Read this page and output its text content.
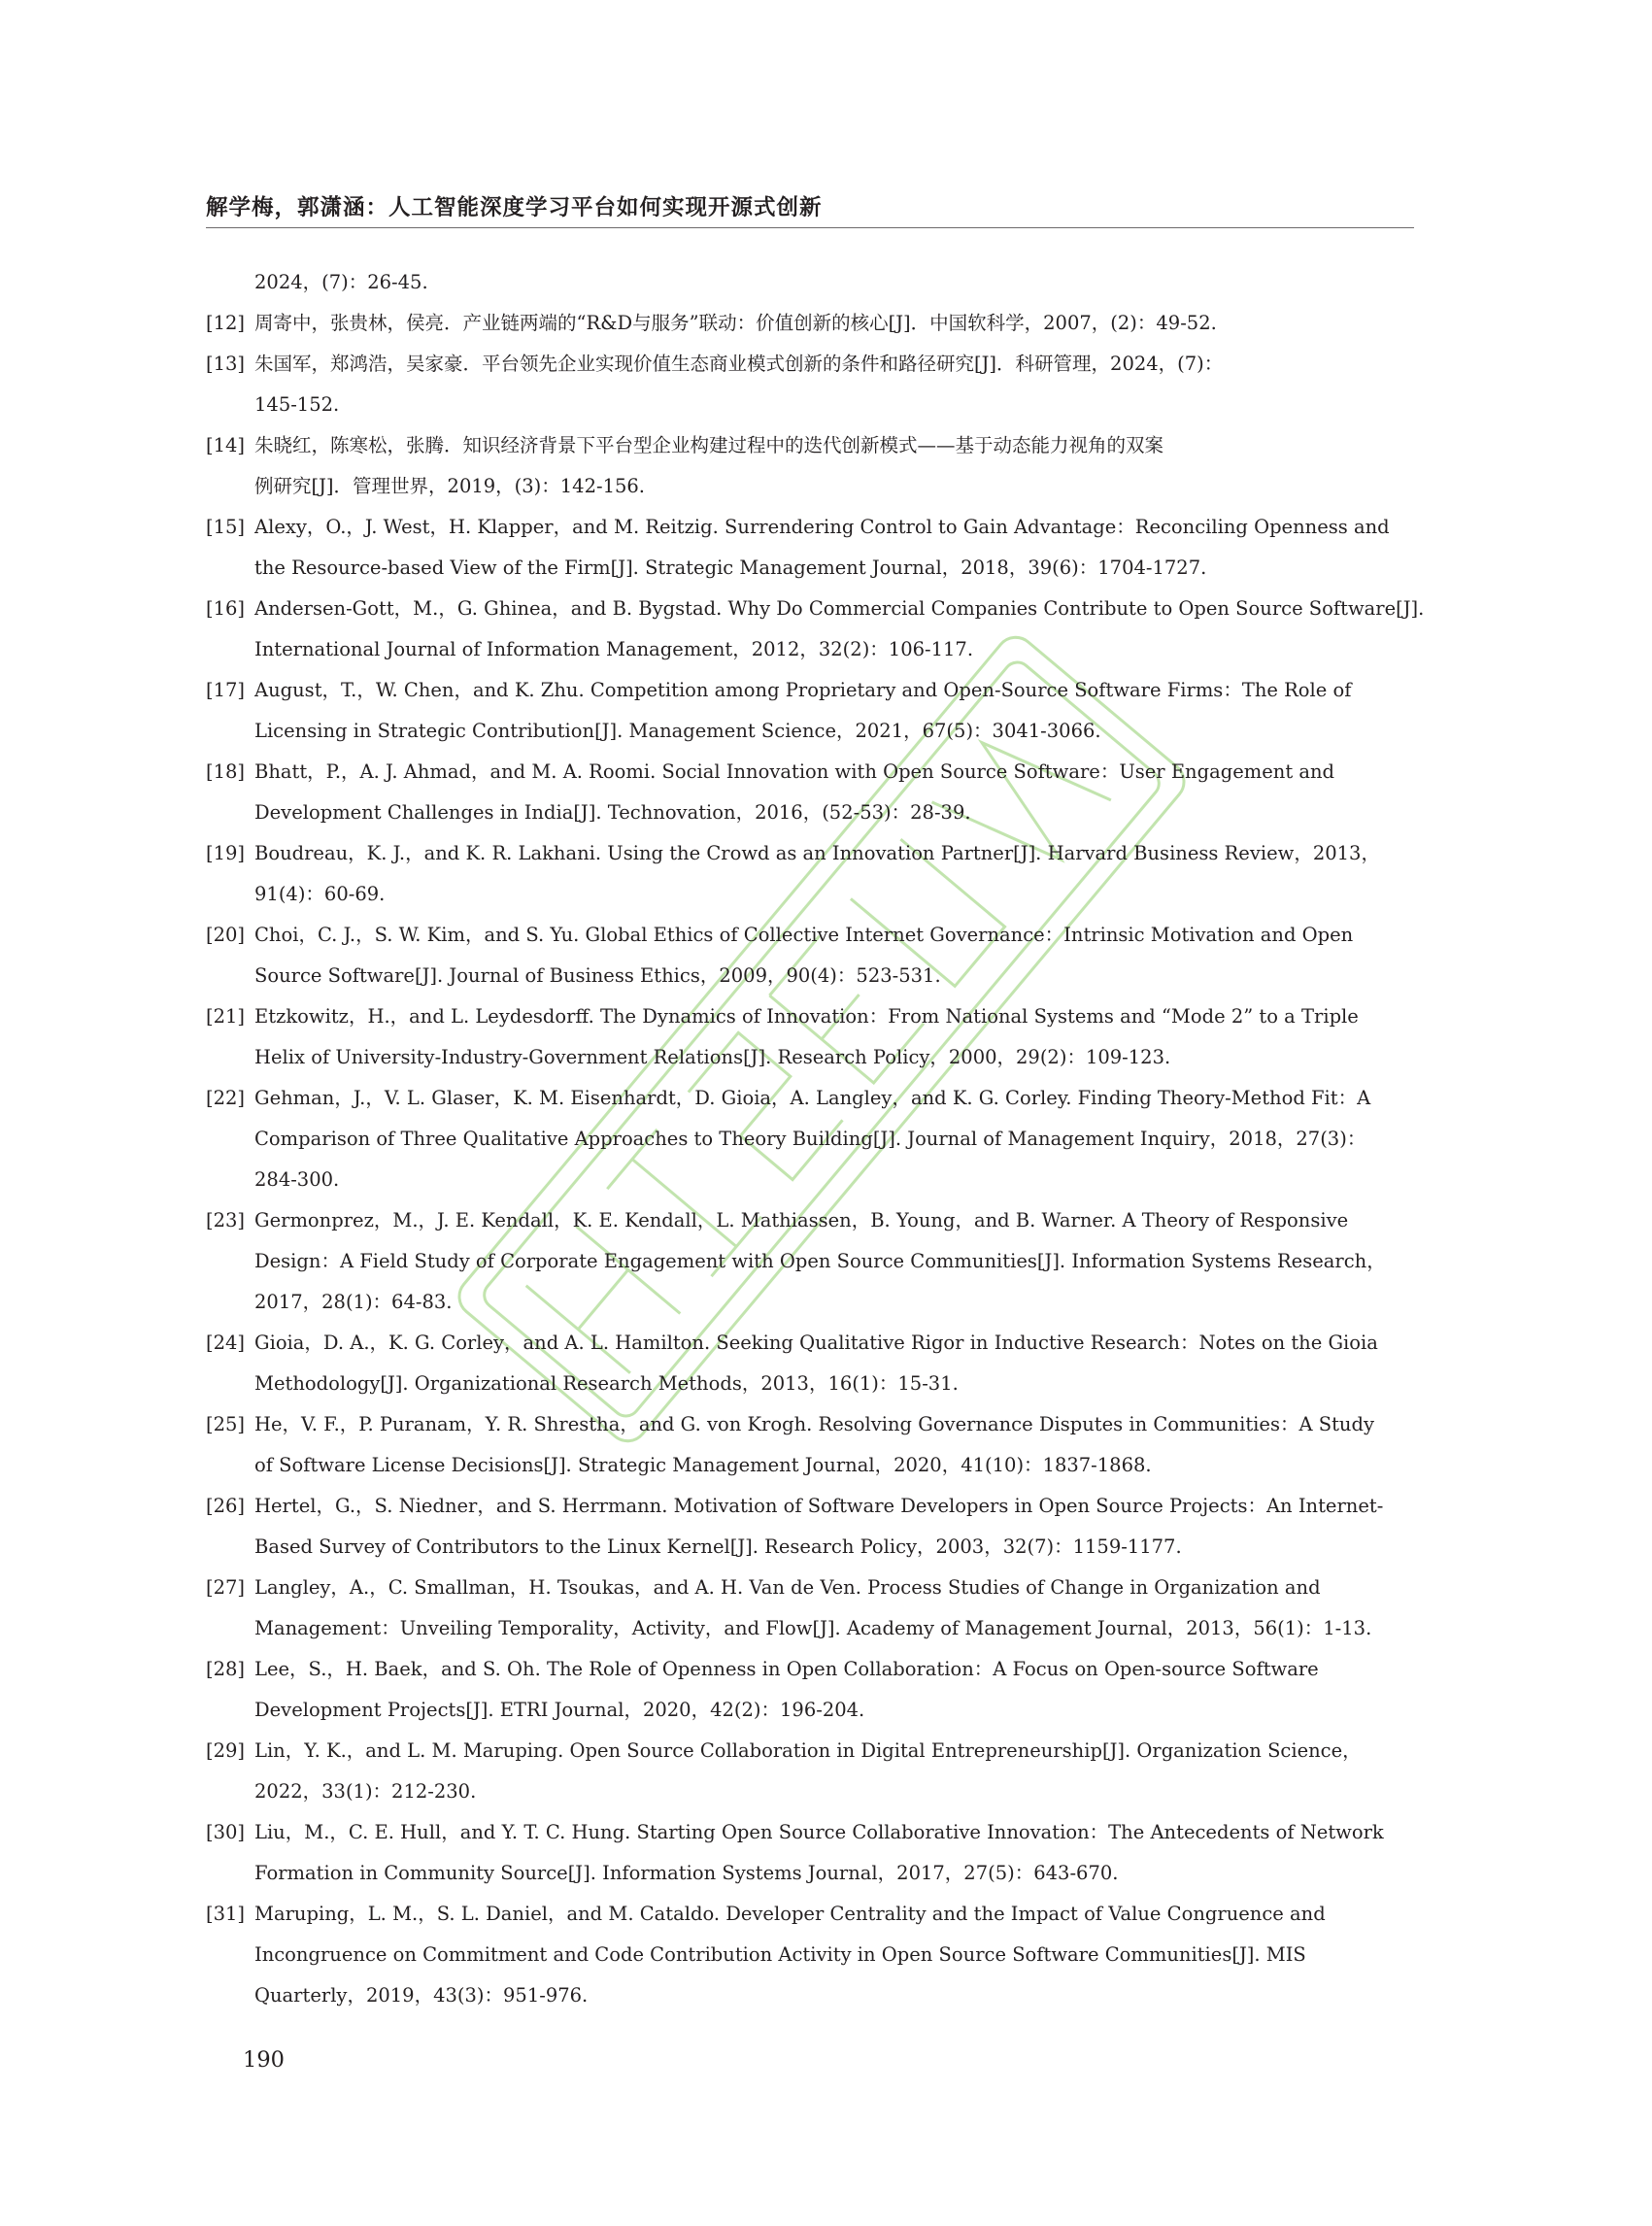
解学梅，郭潇涵：人工智能深度学习平台如何实现开源式创新
2024，(7)：26-45.
[12] 周寄中，张贵林，侯亮．产业链两端的“R&D与服务”联动：价值创新的核心[J]．中国软科学，2007，(2)：49-52.
[13] 朱国军，郑鸿浩，吴家豪．平台领先企业实现价值生态商业模式创新的条件和路径研究[J]．科研管理，2024，(7)：
145-152.
[14] 朱晓红，陈寒松，张腾．知识经济背景下平台型企业构建过程中的迭代创新模式——基于动态能力视角的双案
例研究[J]．管理世界，2019，(3)：142-156.
[15] Alexy，O.，J. West，H. Klapper，and M. Reitzig. Surrendering Control to Gain Advantage：Reconciling Openness and
the Resource-based View of the Firm[J]. Strategic Management Journal，2018，39(6)：1704-1727.
[16] Andersen-Gott，M.，G. Ghinea，and B. Bygstad. Why Do Commercial Companies Contribute to Open Source Software[J].
International Journal of Information Management，2012，32(2)：106-117.
[17] August，T.，W. Chen，and K. Zhu. Competition among Proprietary and Open-Source Software Firms：The Role of
Licensing in Strategic Contribution[J]. Management Science，2021，67(5)：3041-3066.
[18] Bhatt，P.，A. J. Ahmad，and M. A. Roomi. Social Innovation with Open Source Software：User Engagement and
Development Challenges in India[J]. Technovation，2016，(52-53)：28-39.
[19] Boudreau，K. J.，and K. R. Lakhani. Using the Crowd as an Innovation Partner[J]. Harvard Business Review，2013，
91(4)：60-69.
[20] Choi，C. J.，S. W. Kim，and S. Yu. Global Ethics of Collective Internet Governance：Intrinsic Motivation and Open
Source Software[J]. Journal of Business Ethics，2009，90(4)：523-531.
[21] Etzkowitz，H.，and L. Leydesdorff. The Dynamics of Innovation：From National Systems and “Mode 2” to a Triple
Helix of University-Industry-Government Relations[J]. Research Policy，2000，29(2)：109-123.
[22] Gehman，J.，V. L. Glaser，K. M. Eisenhardt，D. Gioia，A. Langley，and K. G. Corley. Finding Theory-Method Fit：A
Comparison of Three Qualitative Approaches to Theory Building[J]. Journal of Management Inquiry，2018，27(3)：
284-300.
[23] Germonprez，M.，J. E. Kendall，K. E. Kendall，L. Mathiassen，B. Young，and B. Warner. A Theory of Responsive
Design：A Field Study of Corporate Engagement with Open Source Communities[J]. Information Systems Research，
2017，28(1)：64-83.
[24] Gioia，D. A.，K. G. Corley，and A. L. Hamilton. Seeking Qualitative Rigor in Inductive Research：Notes on the Gioia
Methodology[J]. Organizational Research Methods，2013，16(1)：15-31.
[25] He，V. F.，P. Puranam，Y. R. Shrestha，and G. von Krogh. Resolving Governance Disputes in Communities：A Study
of Software License Decisions[J]. Strategic Management Journal，2020，41(10)：1837-1868.
[26] Hertel，G.，S. Niedner，and S. Herrmann. Motivation of Software Developers in Open Source Projects：An Internet-
Based Survey of Contributors to the Linux Kernel[J]. Research Policy，2003，32(7)：1159-1177.
[27] Langley，A.，C. Smallman，H. Tsoukas，and A. H. Van de Ven. Process Studies of Change in Organization and
Management：Unveiling Temporality，Activity，and Flow[J]. Academy of Management Journal，2013，56(1)：1-13.
[28] Lee，S.，H. Baek，and S. Oh. The Role of Openness in Open Collaboration：A Focus on Open-source Software
Development Projects[J]. ETRI Journal，2020，42(2)：196-204.
[29] Lin，Y. K.，and L. M. Maruping. Open Source Collaboration in Digital Entrepreneurship[J]. Organization Science，
2022，33(1)：212-230.
[30] Liu，M.，C. E. Hull，and Y. T. C. Hung. Starting Open Source Collaborative Innovation：The Antecedents of Network
Formation in Community Source[J]. Information Systems Journal，2017，27(5)：643-670.
[31] Maruping，L. M.，S. L. Daniel，and M. Cataldo. Developer Centrality and the Impact of Value Congruence and
Incongruence on Commitment and Code Contribution Activity in Open Source Software Communities[J]. MIS
Quarterly，2019，43(3)：951-976.
190
